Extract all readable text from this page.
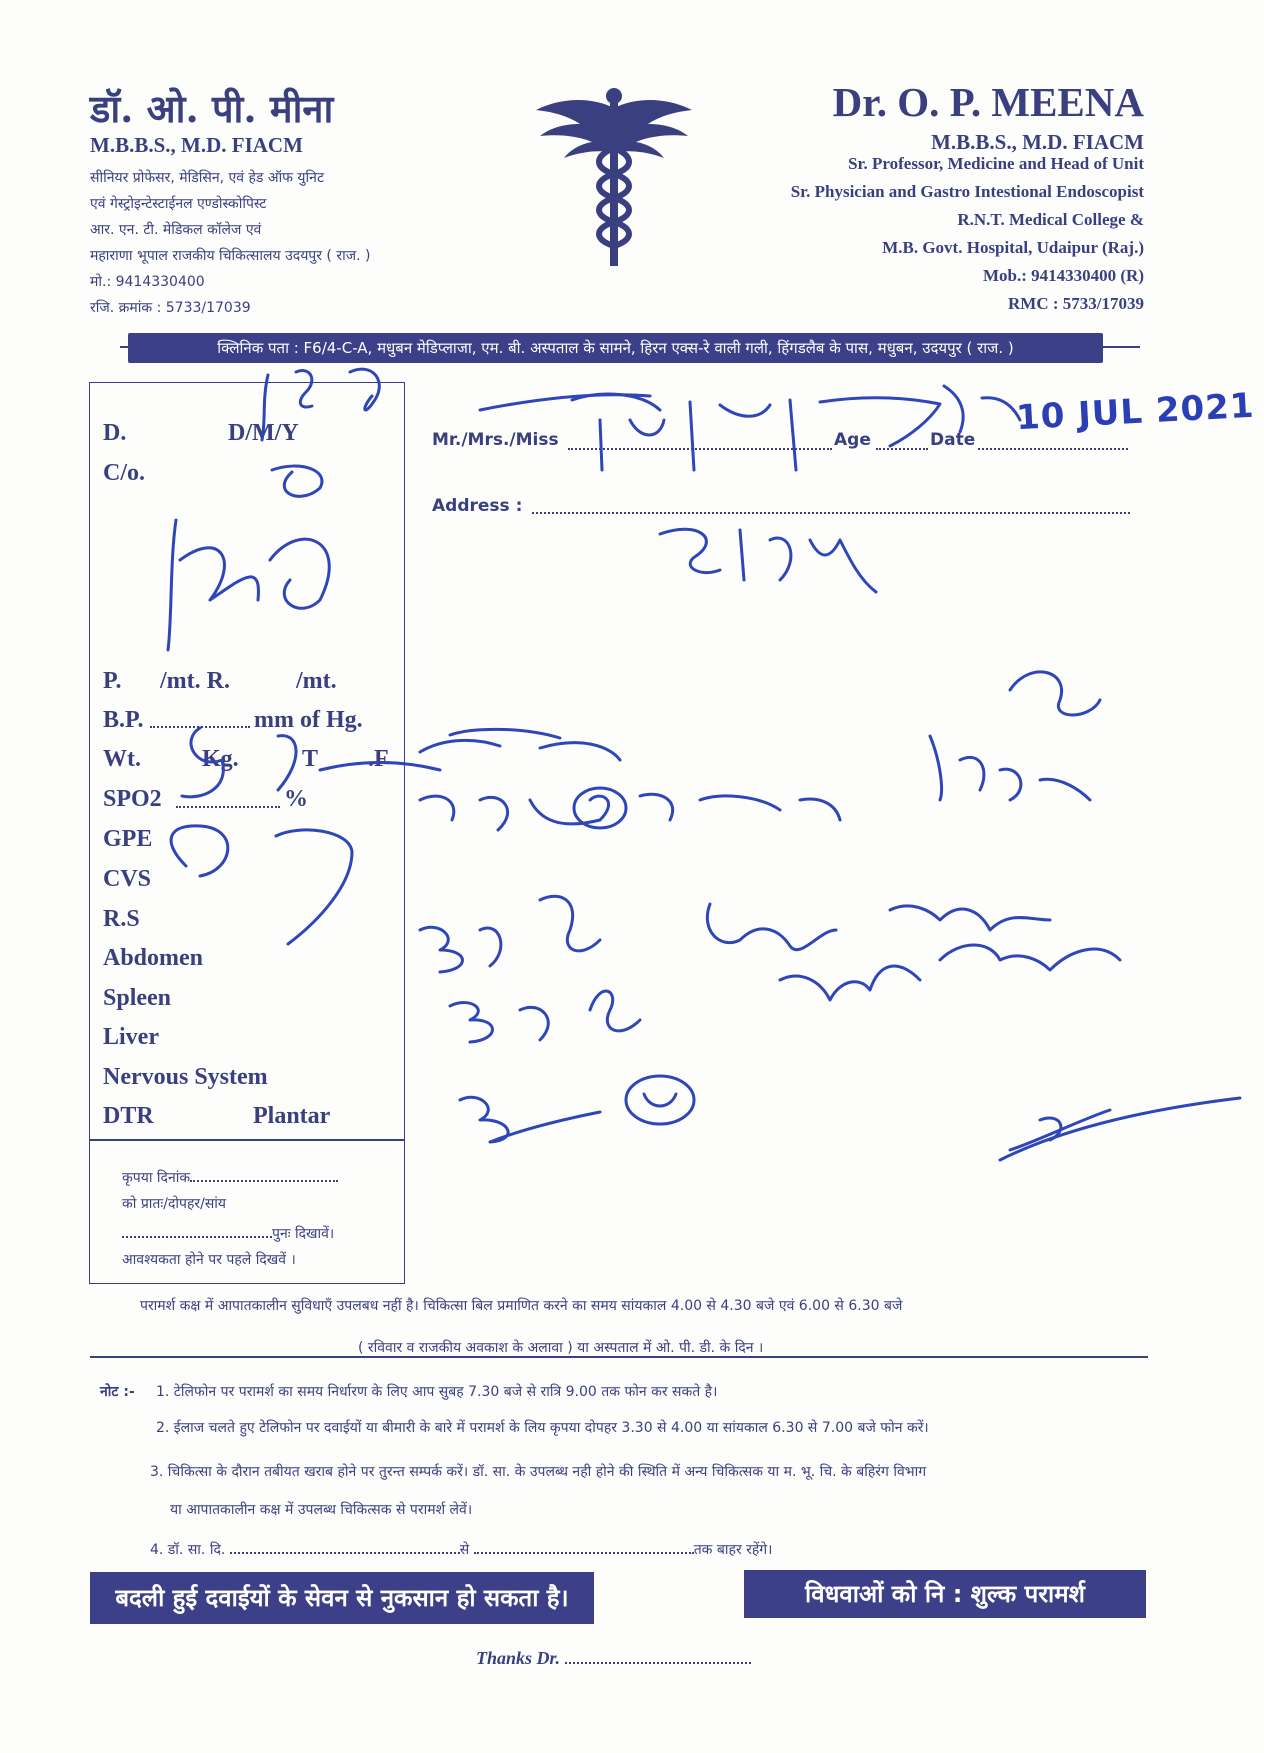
डॉ. ओ. पी. मीना
M.B.B.S., M.D. FIACM
सीनियर प्रोफेसर, मेडिसिन, एवं हेड ऑफ युनिट
एवं गेस्ट्रोइन्टेस्टाईनल एण्डोस्कोपिस्ट
आर. एन. टी. मेडिकल कॉलेज एवं
महाराणा भूपाल राजकीय चिकित्सालय उदयपुर ( राज. )
मो.: 9414330400
रजि. क्रमांक : 5733/17039
Dr. O. P. MEENA
M.B.B.S., M.D. FIACM
Sr. Professor, Medicine and Head of Unit
Sr. Physician and Gastro Intestional Endoscopist
R.N.T. Medical College &
M.B. Govt. Hospital, Udaipur (Raj.)
Mob.: 9414330400 (R)
RMC : 5733/17039
क्लिनिक पता : F6/4-C-A, मधुबन मेडिप्लाजा, एम. बी. अस्पताल के सामने, हिरन एक्स-रे वाली गली, हिंगडलैब के पास, मधुबन, उदयपुर ( राज. )
D.	D/M/Y
C/o.
P. /mt. R.	/mt.
B.P.	mm of Hg.
Wt.	Kg.	T .F
SPO2	%
GPE
CVS
R.S
Abdomen
Spleen
Liver
Nervous System
DTR	Plantar
कृपया दिनांक
को प्रातः/दोपहर/सांय
पुनः दिखावें।
आवश्यकता होने पर पहले दिखवें ।
Mr./Mrs./Miss	Age	Date
Address :
10 JUL 2021
परामर्श कक्ष में आपातकालीन सुविधाएँ उपलबध नहीं है। चिकित्सा बिल प्रमाणित करने का समय सांयकाल 4.00 से 4.30 बजे एवं 6.00 से 6.30 बजे
( रविवार व राजकीय अवकाश के अलावा ) या अस्पताल में ओ. पी. डी. के दिन ।
नोट :- 1. टेलिफोन पर परामर्श का समय निर्धारण के लिए आप सुबह 7.30 बजे से रात्रि 9.00 तक फोन कर सकते है।
2. ईलाज चलते हुए टेलिफोन पर दवाईयों या बीमारी के बारे में परामर्श के लिय कृपया दोपहर 3.30 से 4.00 या सांयकाल 6.30 से 7.00 बजे फोन करें।
3. चिकित्सा के दौरान तबीयत खराब होने पर तुरन्त सम्पर्क करें। डॉ. सा. के उपलब्ध नही होने की स्थिति में अन्य चिकित्सक या म. भू. चि. के बहिरंग विभाग
या आपातकालीन कक्ष में उपलब्ध चिकित्सक से परामर्श लेवें।
4. डॉ. सा. दि.	से	तक बाहर रहेंगे।
बदली हुई दवाईयों के सेवन से नुकसान हो सकता है।	विधवाओं को नि : शुल्क परामर्श
Thanks Dr.
